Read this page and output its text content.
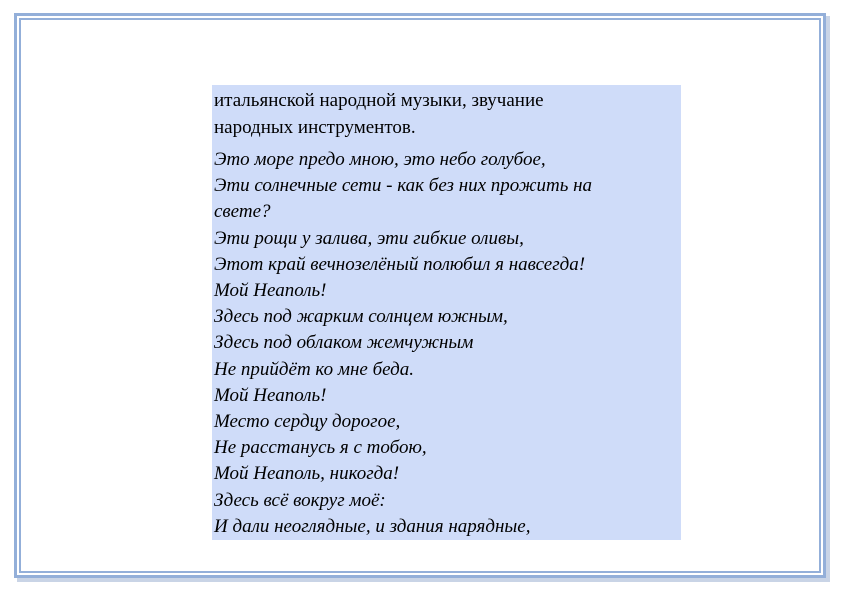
итальянской народной музыки, звучание
народных инструментов.

Это море предо мною, это небо голубое,
Эти солнечные сети - как без них прожить на
свете?
Эти рощи у залива, эти гибкие оливы,
Этот край вечнозелёный полюбил я навсегда!
Мой Неаполь!
Здесь под жарким солнцем южным,
Здесь под облаком жемчужным
Не прийдёт ко мне беда.
Мой Неаполь!
Место сердцу дорогое,
Не расстанусь я с тобою,
Мой Неаполь, никогда!
Здесь всё вокруг моё:
И дали неоглядные, и здания нарядные,
